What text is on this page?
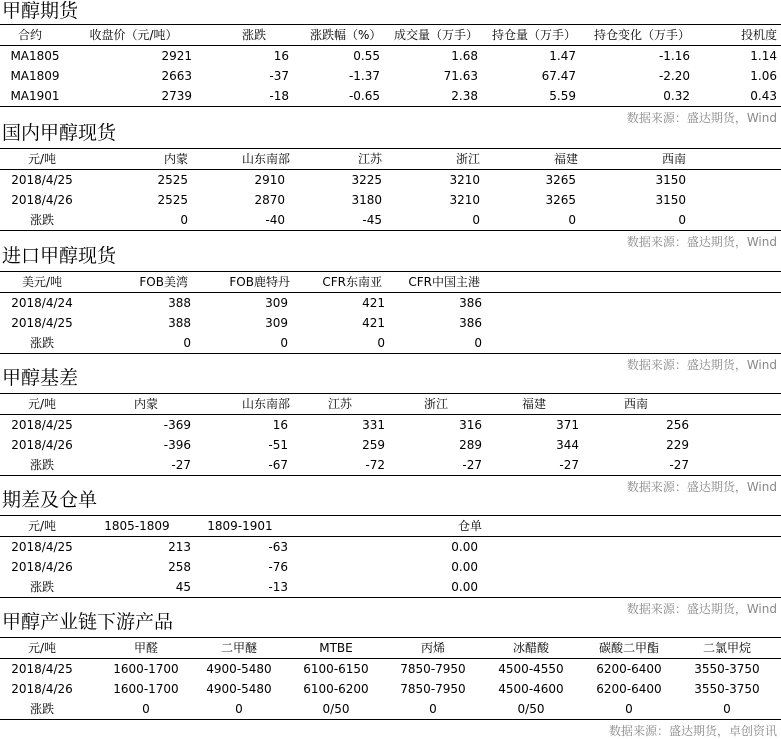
甲醇期货
合约	收盘价（元/吨）	涨跌	涨跌幅（%）	成交量（万手）	持仓量（万手）	持仓变化（万手）	投机度
MA1805	2921	16	0.55	1.68	1.47	-1.16	1.14
MA1809	2663	-37	-1.37	71.63	67.47	-2.20	1.06
MA1901	2739	-18	-0.65	2.38	5.59	0.32	0.43
数据来源：盛达期货，Wind
国内甲醇现货
元/吨	内蒙	山东南部	江苏	浙江	福建	西南
2018/4/25	2525	2910	3225	3210	3265	3150
2018/4/26	2525	2870	3180	3210	3265	3150
涨跌	0	-40	-45	0	0	0
数据来源：盛达期货，Wind
进口甲醇现货
美元/吨	FOB美湾	FOB鹿特丹	CFR东南亚	CFR中国主港
2018/4/24	388	309	421	386
2018/4/25	388	309	421	386
涨跌	0	0	0	0
数据来源：盛达期货，Wind
甲醇基差
元/吨	内蒙	山东南部	江苏	浙江	福建	西南
2018/4/25	-369	16	331	316	371	256
2018/4/26	-396	-51	259	289	344	229
涨跌	-27	-67	-72	-27	-27	-27
数据来源：盛达期货，Wind
期差及仓单
元/吨	1805-1809	1809-1901	仓单
2018/4/25	213	-63	0.00
2018/4/26	258	-76	0.00
涨跌	45	-13	0.00
数据来源：盛达期货，Wind
甲醇产业链下游产品
元/吨	甲醛	二甲醚	MTBE	丙烯	冰醋酸	碳酸二甲酯	二氯甲烷
2018/4/25	1600-1700	4900-5480	6100-6150	7850-7950	4500-4550	6200-6400	3550-3750
2018/4/26	1600-1700	4900-5480	6100-6200	7850-7950	4500-4600	6200-6400	3550-3750
涨跌	0	0	0/50	0	0/50	0	0
数据来源：盛达期货，卓创资讯
